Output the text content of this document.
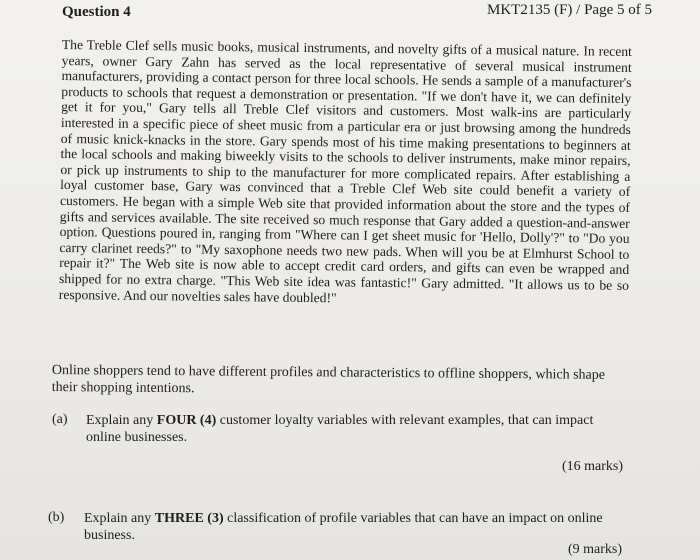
Question 4	MKT2135 (F) / Page 5 of 5

The Treble Clef sells music books, musical instruments, and novelty gifts of a musical nature. In recent years, owner Gary Zahn has served as the local representative of several musical instrument manufacturers, providing a contact person for three local schools. He sends a sample of a manufacturer's products to schools that request a demonstration or presentation. "If we don't have it, we can definitely get it for you," Gary tells all Treble Clef visitors and customers. Most walk-ins are particularly interested in a specific piece of sheet music from a particular era or just browsing among the hundreds of music knick-knacks in the store. Gary spends most of his time making presentations to beginners at the local schools and making biweekly visits to the schools to deliver instruments, make minor repairs, or pick up instruments to ship to the manufacturer for more complicated repairs. After establishing a loyal customer base, Gary was convinced that a Treble Clef Web site could benefit a variety of customers. He began with a simple Web site that provided information about the store and the types of gifts and services available. The site received so much response that Gary added a question-and-answer option. Questions poured in, ranging from "Where can I get sheet music for 'Hello, Dolly'?" to "Do you carry clarinet reeds?" to "My saxophone needs two new pads. When will you be at Elmhurst School to repair it?" The Web site is now able to accept credit card orders, and gifts can even be wrapped and shipped for no extra charge. "This Web site idea was fantastic!" Gary admitted. "It allows us to be so responsive. And our novelties sales have doubled!"

Online shoppers tend to have different profiles and characteristics to offline shoppers, which shape their shopping intentions.

(a) Explain any FOUR (4) customer loyalty variables with relevant examples, that can impact online businesses.

(16 marks)
(b) Explain any THREE (3) classification of profile variables that can have an impact on online business.

(9 marks)
